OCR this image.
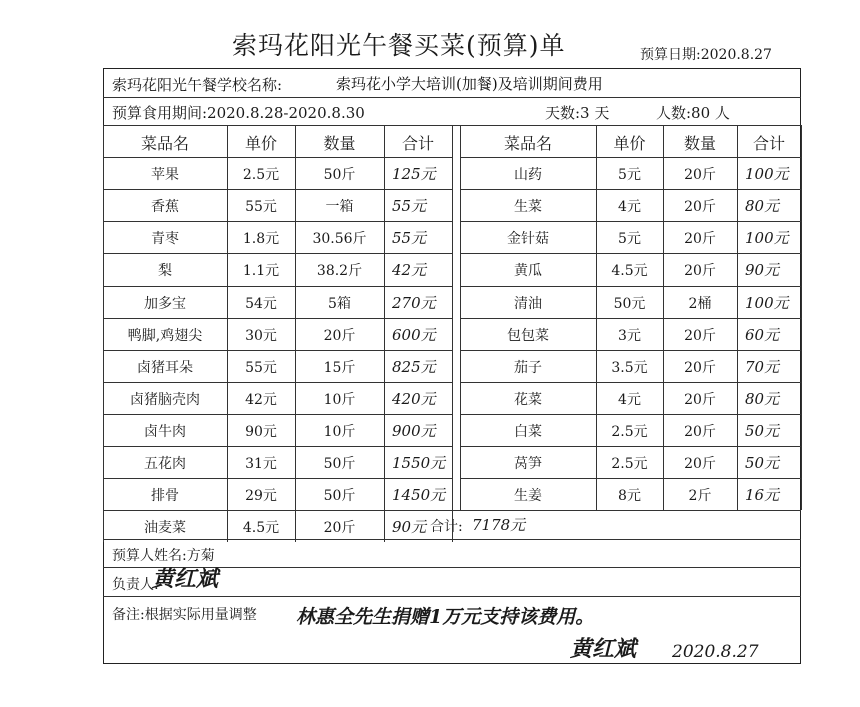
索玛花阳光午餐买菜(预算)单	预算日期:2020.8.27
索玛花阳光午餐学校名称:	索玛花小学大培训(加餐)及培训期间费用
预算食用期间:2020.8.28-2020.8.30	天数:3 天	人数:80 人
合计: 7178元
预算人姓名:方菊
负责人:
黄红斌
备注:根据实际用量调整 林惠全先生捐赠1万元支持该费用。
黄红斌 2020.8.27
菜品名	单价	数量	合计
苹果	2.5元	50斤	125元
香蕉	55元	一箱	55元
青枣	1.8元	30.56斤	55元
梨	1.1元	38.2斤	42元
加多宝	54元	5箱	270元
鸭脚,鸡翅尖	30元	20斤	600元
卤猪耳朵	55元	15斤	825元
卤猪脑壳肉	42元	10斤	420元
卤牛肉	90元	10斤	900元
五花肉	31元	50斤	1550元
排骨	29元	50斤	1450元
油麦菜	4.5元	20斤	90元
菜品名	单价	数量	合计
山药	5元	20斤	100元
生菜	4元	20斤	80元
金针菇	5元	20斤	100元
黄瓜	4.5元	20斤	90元
清油	50元	2桶	100元
包包菜	3元	20斤	60元
茄子	3.5元	20斤	70元
花菜	4元	20斤	80元
白菜	2.5元	20斤	50元
莴笋	2.5元	20斤	50元
生姜	8元	2斤	16元
